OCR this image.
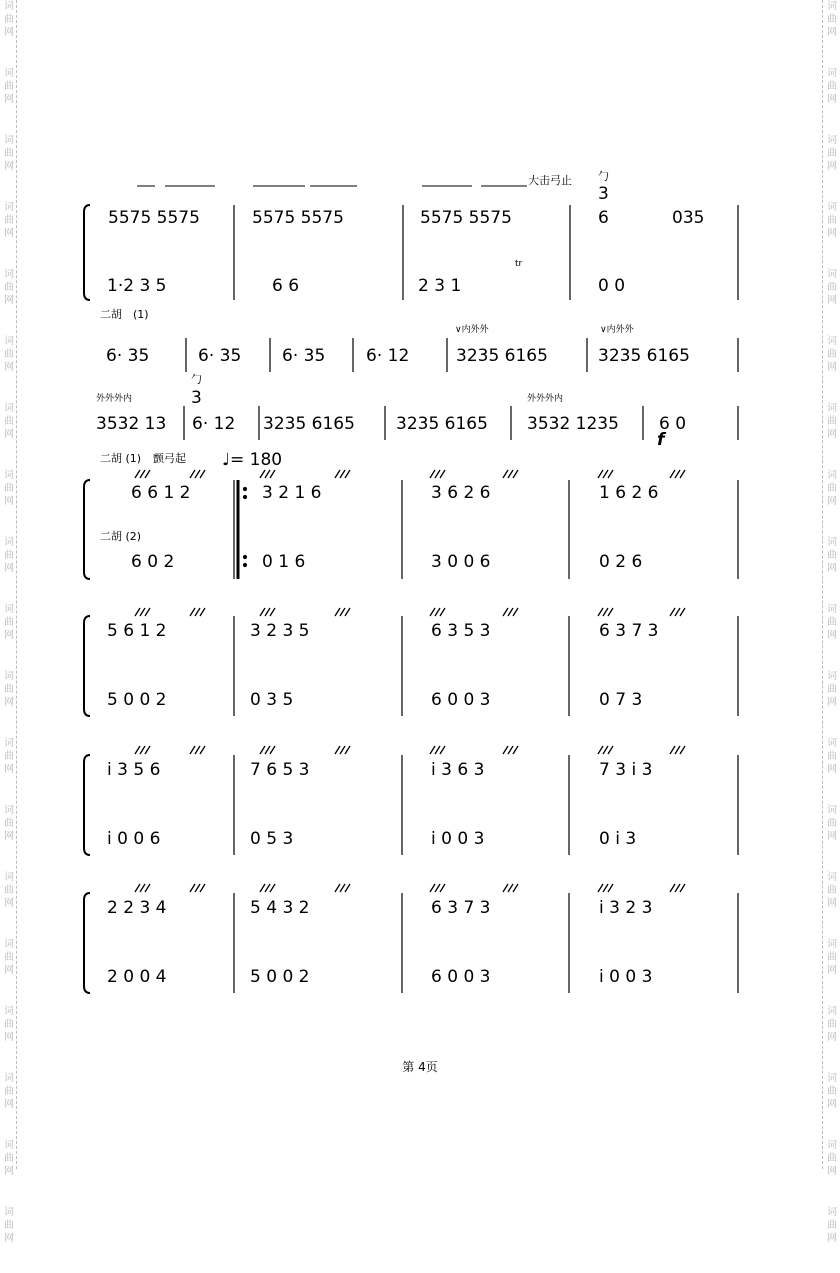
词
曲
网
词
曲
网
词
曲
网
词
曲
网
词
曲
网
词
曲
网
词
曲
网
词
曲
网
词
曲
网
词
曲
网
词
曲
网
词
曲
网
词
曲
网
词
曲
网
词
曲
网
词
曲
网
词
曲
网
词
曲
网
词
曲
网
词
曲
网
词
曲
网
词
曲
网
词
曲
网
词
曲
网
词
曲
网
词
曲
网
词
曲
网
词
曲
网
词
曲
网
词
曲
网
词
曲
网
词
曲
网
词
曲
网
词
曲
网
词
曲
网
词
曲
网
词
曲
网
词
曲
网
大击弓止
5575 5575	5575 5575	5575 5575
勹
3
6	035
1·2 3 5	6 6	2 3 1
tr
0 0
二胡 (1)
6· 35	6· 35 6· 35 6· 12
∨内外外
3235 6165
∨内外外
3235 6165
外外外内
3532 13
勹
3
6· 12 3235 6165 3235 6165
外外外内
3532 1235 6 0
f
二胡 (1) 颤弓起 ♩= 180
6 6 1 2	3 2 1 6	3 6 2 6	1 6 2 6
二胡 (2)
6 0 2	0 1 6	3 0 0 6	0 2 6
5 6 1 2	3 2 3 5	6 3 5 3	6 3 7 3
5 0 0 2	0 3 5	6 0 0 3	0 7 3
i 3 5 6	7 6 5 3	i 3 6 3	7 3 i 3
i 0 0 6	0 5 3	i 0 0 3	0 i 3
2 2 3 4	5 4 3 2	6 3 7 3	i 3 2 3
2 0 0 4	5 0 0 2	6 0 0 3	i 0 0 3
第 4页
